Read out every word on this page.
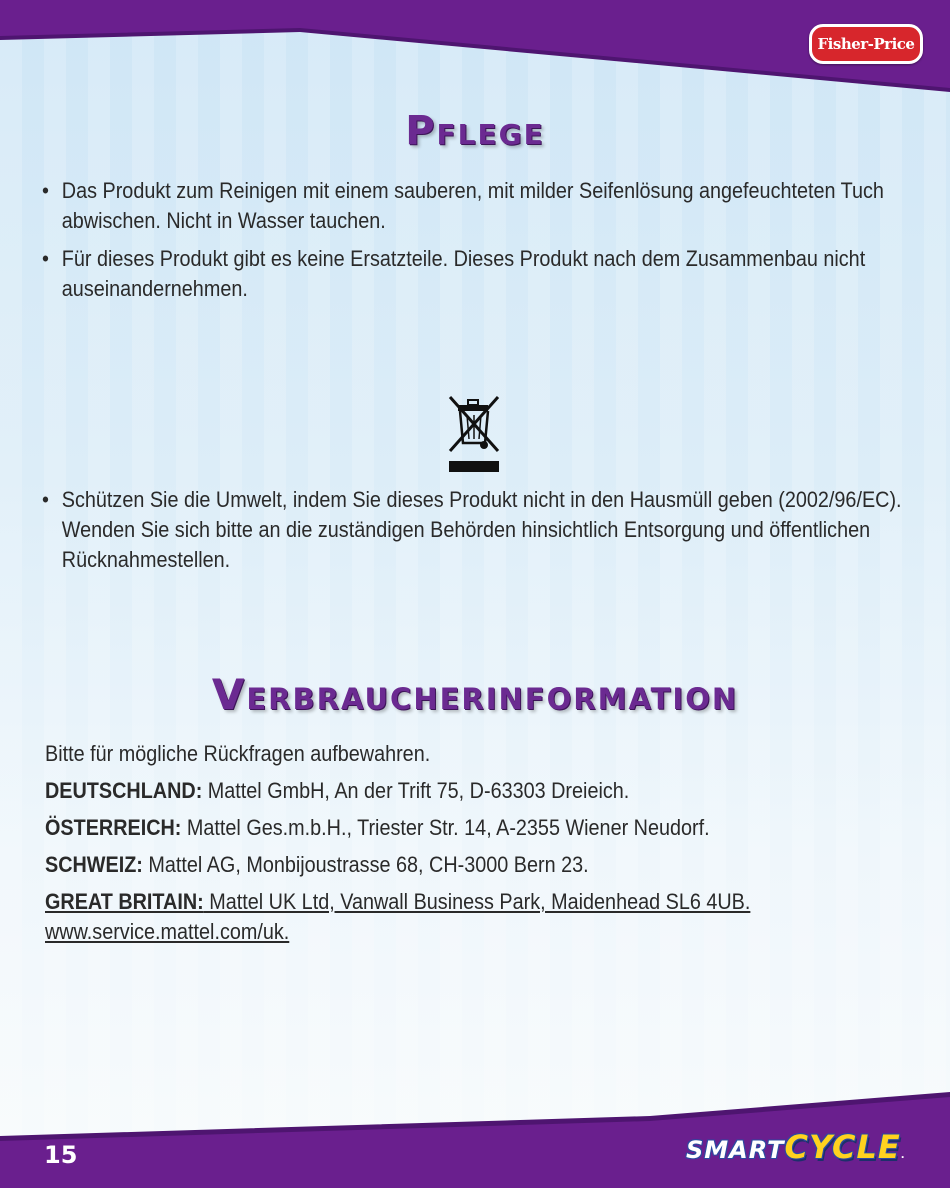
Fisher-Price
Pflege
• Das Produkt zum Reinigen mit einem sauberen, mit milder Seifenlösung angefeuchteten Tuch abwischen. Nicht in Wasser tauchen.
• Für dieses Produkt gibt es keine Ersatzteile. Dieses Produkt nach dem Zusammenbau nicht auseinandernehmen.
• Schützen Sie die Umwelt, indem Sie dieses Produkt nicht in den Hausmüll geben (2002/96/EC). Wenden Sie sich bitte an die zuständigen Behörden hinsichtlich Entsorgung und öffentlichen Rücknahmestellen.
Verbraucherinformation
Bitte für mögliche Rückfragen aufbewahren.
DEUTSCHLAND: Mattel GmbH, An der Trift 75, D-63303 Dreieich.
ÖSTERREICH: Mattel Ges.m.b.H., Triester Str. 14, A-2355 Wiener Neudorf.
SCHWEIZ: Mattel AG, Monbijoustrasse 68, CH-3000 Bern 23.
GREAT BRITAIN: Mattel UK Ltd, Vanwall Business Park, Maidenhead SL6 4UB.
www.service.mattel.com/uk.
15	SMARTCYCLE.
